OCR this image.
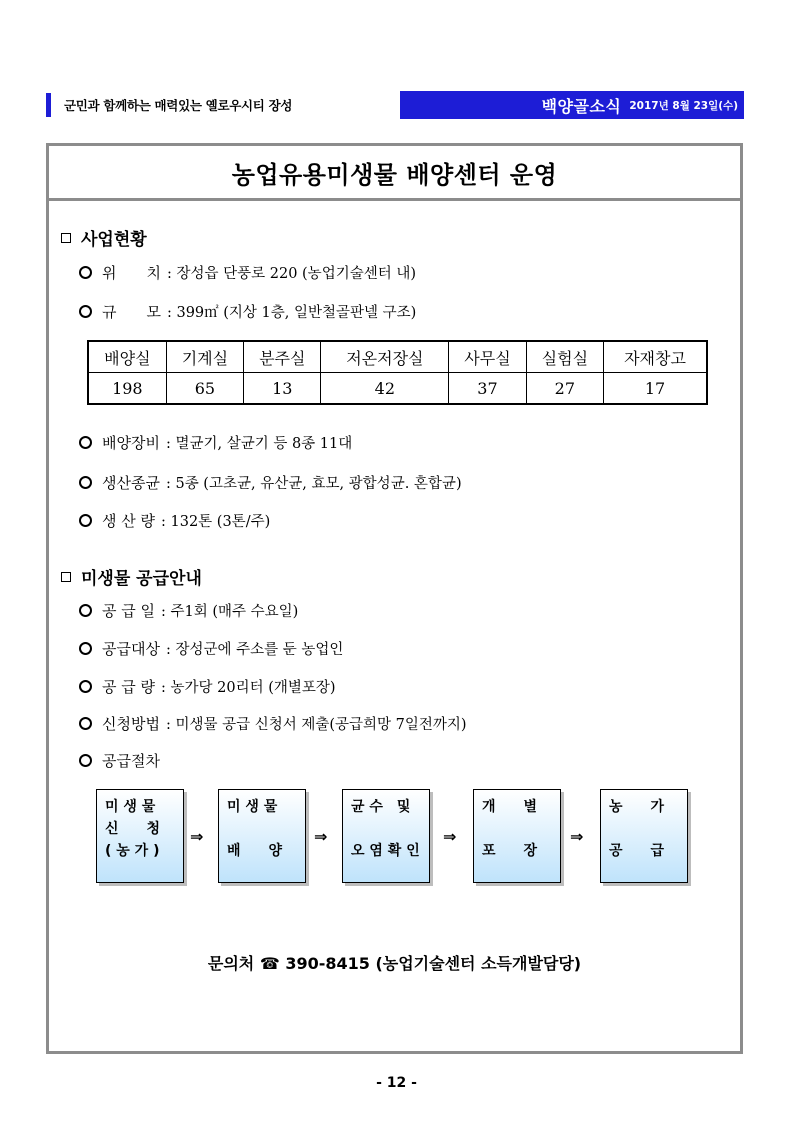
군민과 함께하는 매력있는 옐로우시티 장성	백양골소식 2017년 8월 23일(수)
농업유용미생물 배양센터 운영
사업현황
위　　치 : 장성읍 단풍로 220 (농업기술센터 내)
규　　모 : 399㎡ (지상 1층, 일반철골판넬 구조)
배양실	기계실	분주실	저온저장실	사무실	실험실	자재창고
198	65	13	42	37	27	17
배양장비 : 멸균기, 살균기 등 8종 11대
생산종균 : 5종 (고초균, 유산균, 효모, 광합성균. 혼합균)
생 산 량 : 132톤 (3톤/주)
미생물 공급안내
공 급 일 : 주1회 (매주 수요일)
공급대상 : 장성군에 주소를 둔 농업인
공 급 량 : 농가당 20리터 (개별포장)
신청방법 : 미생물 공급 신청서 제출(공급희망 7일전까지)
공급절차
미 생 물
신　　청
( 농 가 )
⇒
미 생 물
배　　양
⇒
균 수　및
오 염 확 인
⇒
개　　별
포　　장
⇒
농　　가
공　　급
문의처 ☎ 390-8415 (농업기술센터 소득개발담당)
- 12 -
